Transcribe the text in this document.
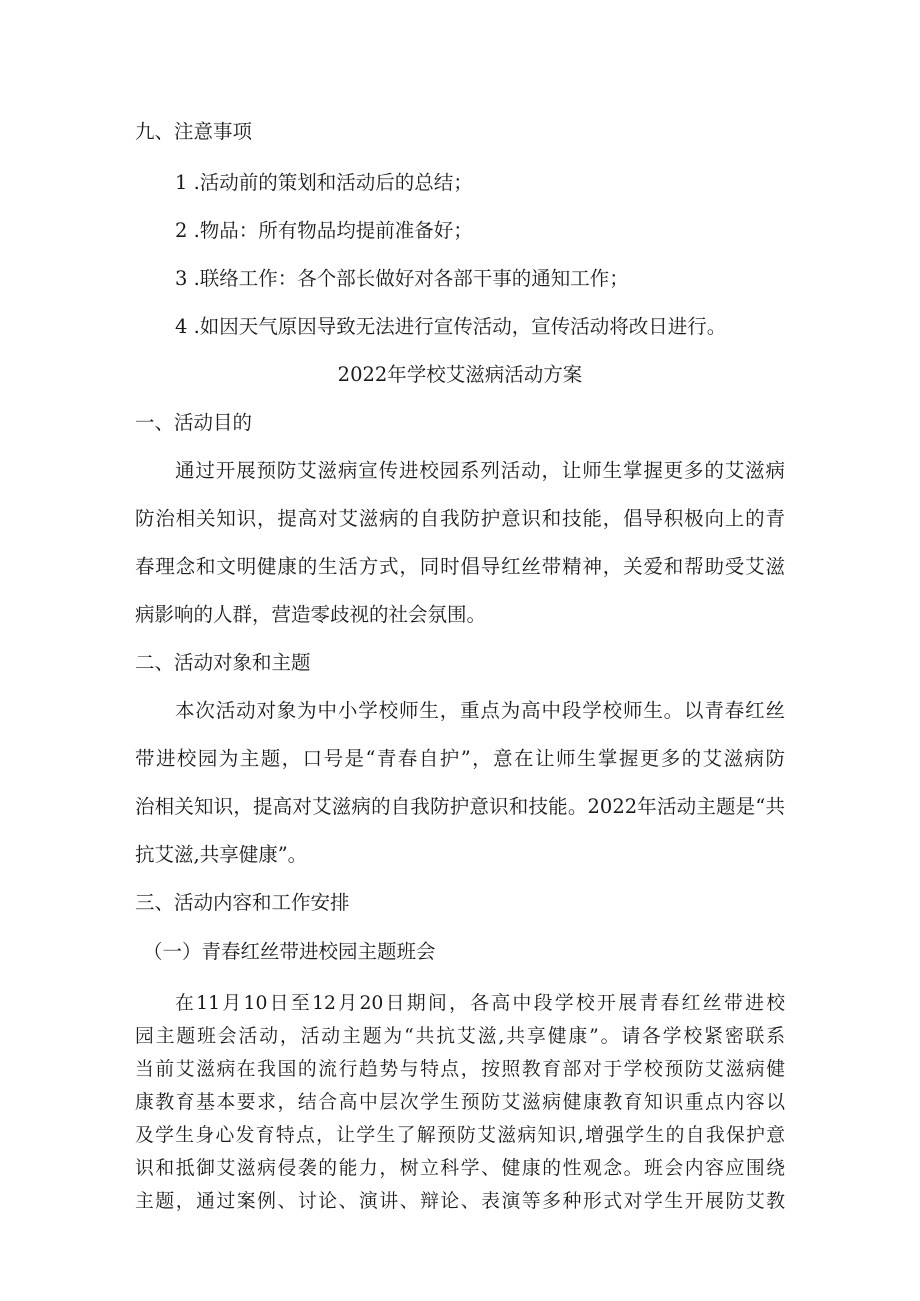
九、注意事项
1 .活动前的策划和活动后的总结；
2 .物品：所有物品均提前准备好；
3 .联络工作：各个部长做好对各部干事的通知工作；
4 .如因天气原因导致无法进行宣传活动，宣传活动将改日进行。
2022年学校艾滋病活动方案
一、活动目的
通过开展预防艾滋病宣传进校园系列活动，让师生掌握更多的艾滋病
防治相关知识，提高对艾滋病的自我防护意识和技能，倡导积极向上的青
春理念和文明健康的生活方式，同时倡导红丝带精神，关爱和帮助受艾滋
病影响的人群，营造零歧视的社会氛围。
二、活动对象和主题
本次活动对象为中小学校师生，重点为高中段学校师生。以青春红丝
带进校园为主题，口号是“青春自护”，意在让师生掌握更多的艾滋病防
治相关知识，提高对艾滋病的自我防护意识和技能。2022年活动主题是“共
抗艾滋,共享健康”。
三、活动内容和工作安排
（一）青春红丝带进校园主题班会
在11月10日至12月20日期间，各高中段学校开展青春红丝带进校
园主题班会活动，活动主题为“共抗艾滋,共享健康”。请各学校紧密联系
当前艾滋病在我国的流行趋势与特点，按照教育部对于学校预防艾滋病健
康教育基本要求，结合高中层次学生预防艾滋病健康教育知识重点内容以
及学生身心发育特点，让学生了解预防艾滋病知识,增强学生的自我保护意
识和抵御艾滋病侵袭的能力，树立科学、健康的性观念。班会内容应围绕
主题，通过案例、讨论、演讲、辩论、表演等多种形式对学生开展防艾教
